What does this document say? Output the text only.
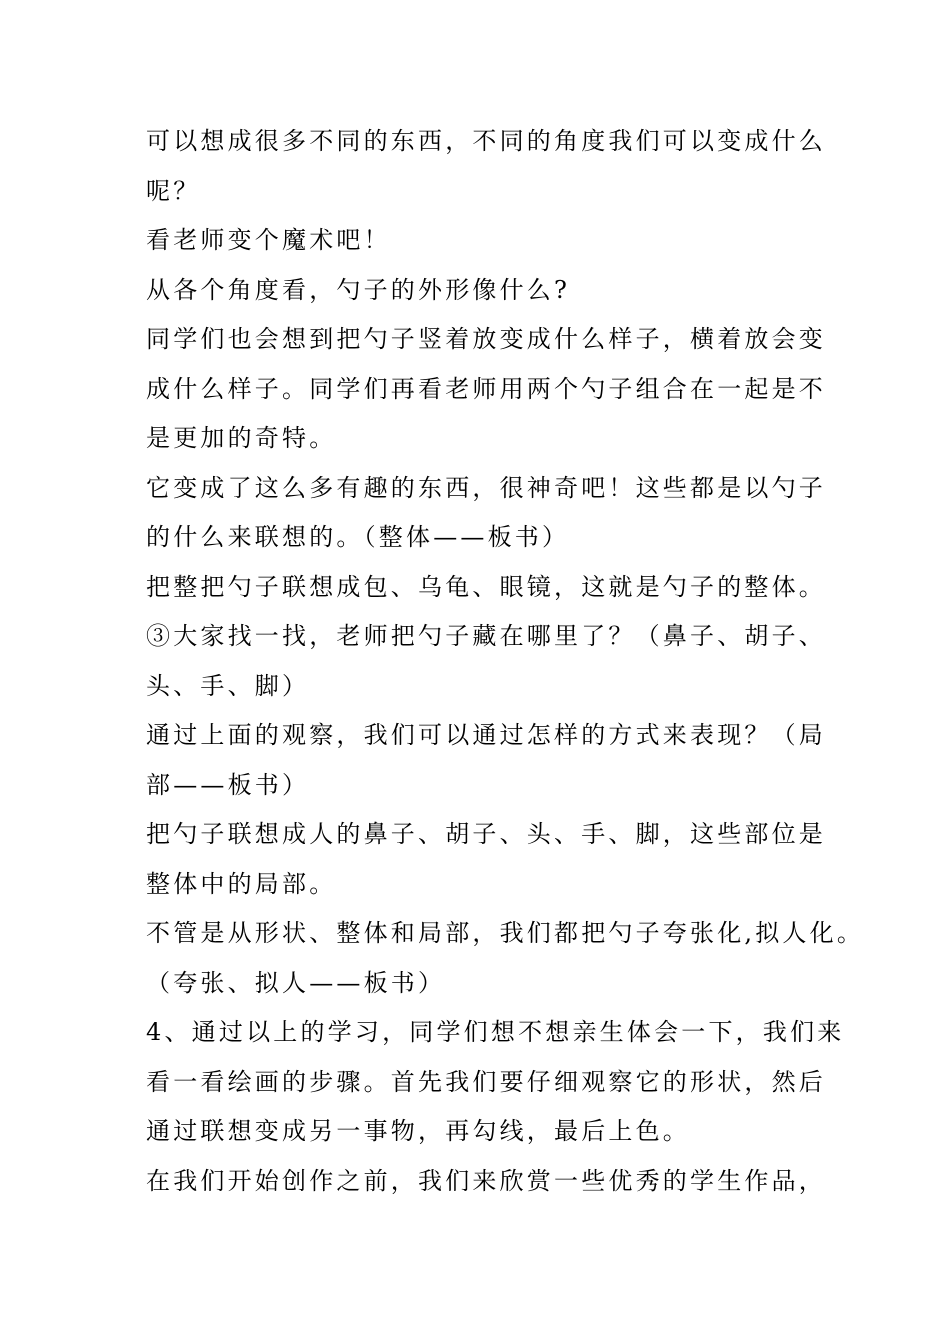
可以想成很多不同的东西，不同的角度我们可以变成什么
呢？
看老师变个魔术吧！
从各个角度看，勺子的外形像什么?
同学们也会想到把勺子竖着放变成什么样子，横着放会变
成什么样子。同学们再看老师用两个勺子组合在一起是不
是更加的奇特。
它变成了这么多有趣的东西，很神奇吧！这些都是以勺子
的什么来联想的。（整体——板书）
把整把勺子联想成包、乌龟、眼镜，这就是勺子的整体。
③大家找一找，老师把勺子藏在哪里了？（鼻子、胡子、
头、手、脚）
通过上面的观察，我们可以通过怎样的方式来表现？（局
部——板书）
把勺子联想成人的鼻子、胡子、头、手、脚，这些部位是
整体中的局部。
不管是从形状、整体和局部，我们都把勺子夸张化,拟人化。
（夸张、拟人——板书）
4、通过以上的学习，同学们想不想亲生体会一下，我们来
看一看绘画的步骤。首先我们要仔细观察它的形状，然后
通过联想变成另一事物，再勾线，最后上色。
在我们开始创作之前，我们来欣赏一些优秀的学生作品，
